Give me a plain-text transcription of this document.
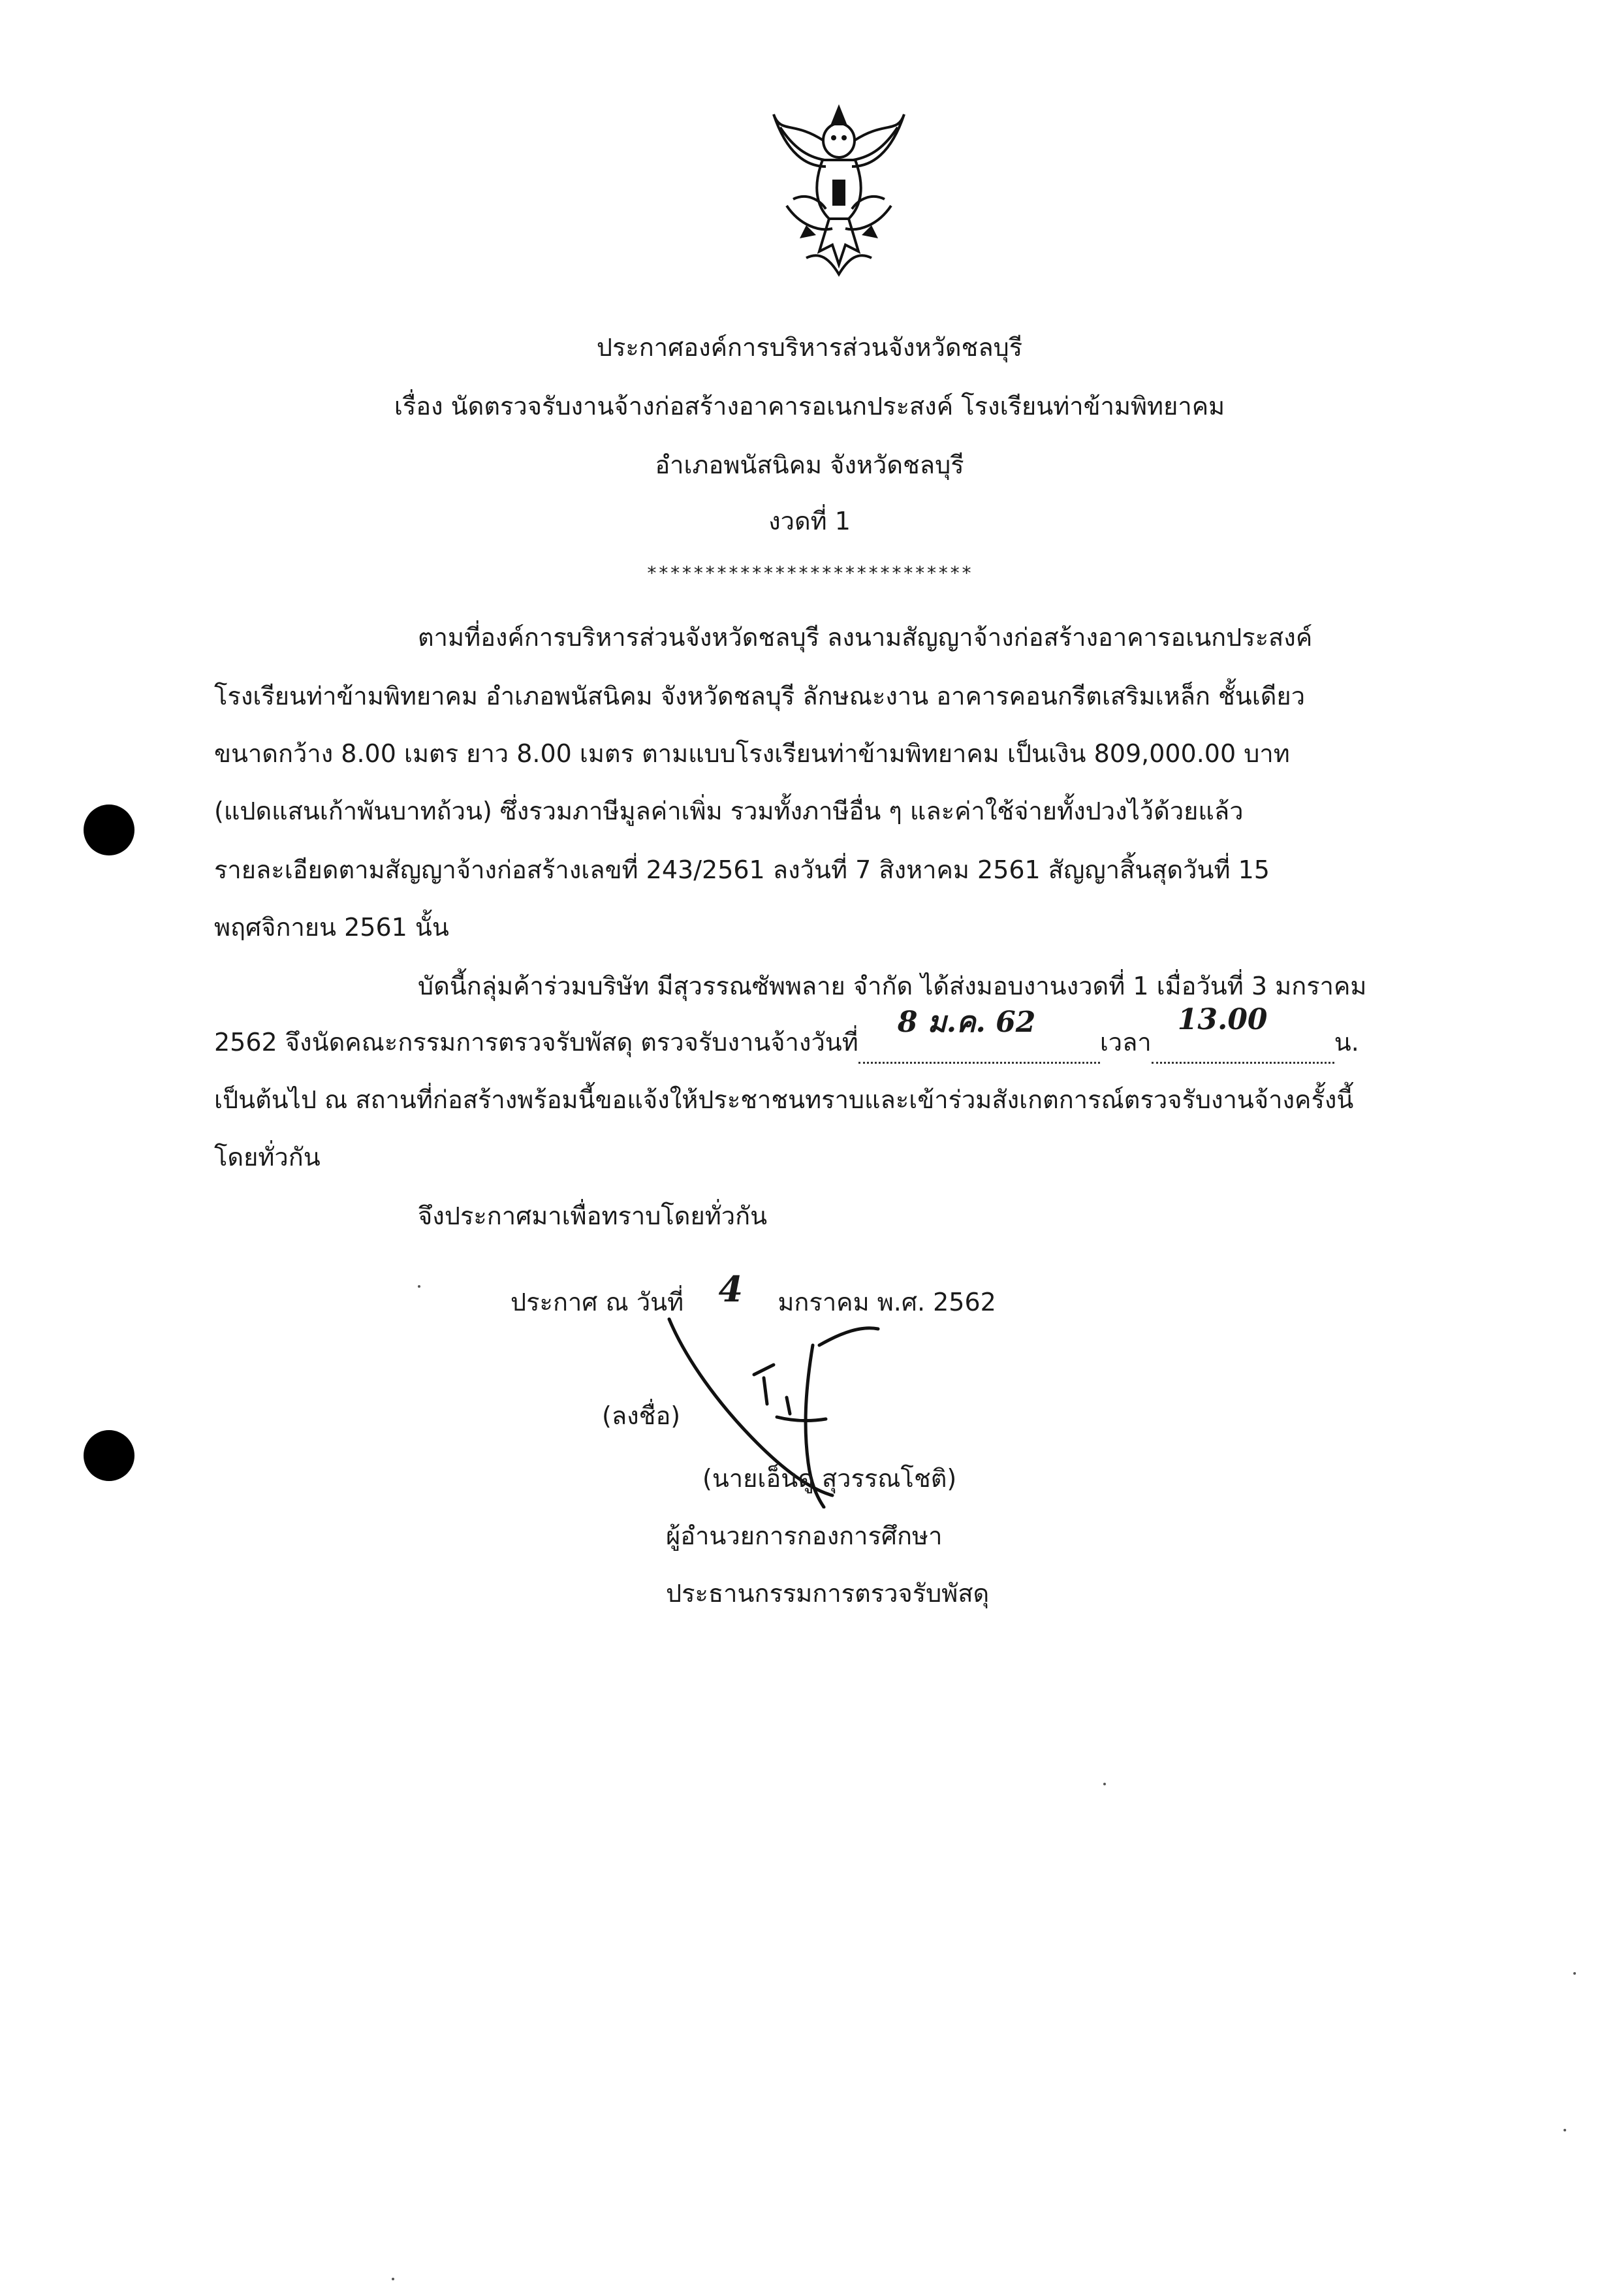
ประกาศองค์การบริหารส่วนจังหวัดชลบุรี
เรื่อง นัดตรวจรับงานจ้างก่อสร้างอาคารอเนกประสงค์ โรงเรียนท่าข้ามพิทยาคม
อำเภอพนัสนิคม จังหวัดชลบุรี
งวดที่ 1
****************************
ตามที่องค์การบริหารส่วนจังหวัดชลบุรี ลงนามสัญญาจ้างก่อสร้างอาคารอเนกประสงค์
โรงเรียนท่าข้ามพิทยาคม อำเภอพนัสนิคม จังหวัดชลบุรี ลักษณะงาน อาคารคอนกรีตเสริมเหล็ก ชั้นเดียว
ขนาดกว้าง 8.00 เมตร ยาว 8.00 เมตร ตามแบบโรงเรียนท่าข้ามพิทยาคม เป็นเงิน 809,000.00 บาท
(แปดแสนเก้าพันบาทถ้วน) ซึ่งรวมภาษีมูลค่าเพิ่ม รวมทั้งภาษีอื่น ๆ และค่าใช้จ่ายทั้งปวงไว้ด้วยแล้ว
รายละเอียดตามสัญญาจ้างก่อสร้างเลขที่ 243/2561 ลงวันที่ 7 สิงหาคม 2561 สัญญาสิ้นสุดวันที่ 15
พฤศจิกายน 2561 นั้น
บัดนี้กลุ่มค้าร่วมบริษัท มีสุวรรณซัพพลาย จำกัด ได้ส่งมอบงานงวดที่ 1 เมื่อวันที่ 3 มกราคม
2562 จึงนัดคณะกรรมการตรวจรับพัสดุ ตรวจรับงานจ้างวันที่
8 ม.ค. 62
เวลา
13.00
น.
เป็นต้นไป ณ สถานที่ก่อสร้างพร้อมนี้ขอแจ้งให้ประชาชนทราบและเข้าร่วมสังเกตการณ์ตรวจรับงานจ้างครั้งนี้
โดยทั่วกัน
จึงประกาศมาเพื่อทราบโดยทั่วกัน
ประกาศ ณ วันที่ 4 มกราคม พ.ศ. 2562
(ลงชื่อ)
(นายเอ็นดู สุวรรณโชติ)
ผู้อำนวยการกองการศึกษา
ประธานกรรมการตรวจรับพัสดุ
